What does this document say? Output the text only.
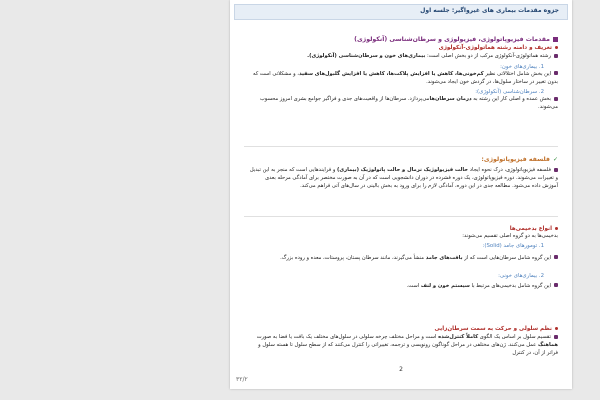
جزوه مقدمات بیماری های غیرواگیر: جلسه اول
مقدمات فیزیوپاتولوژی، فیزیولوژی و سرطان‌شناسی (آنکولوژی)
تعریف و دامنه رشته هماتولوژی-آنکولوژی
رشته هماتولوژی-آنکولوژی مرکب از دو بخش اصلی است: بیماری‌های خون و سرطان‌شناسی (آنکولوژی).
1. بیماری‌های خون:
این بخش شامل اختلالاتی نظیر کم‌خونی‌ها، کاهش یا افزایش پلاکت‌ها، کاهش یا افزایش گلبول‌های سفید، و مشکلاتی است که بدون تغییر در ساختار سلول‌ها، در گردش خون ایجاد می‌شوند.
2. سرطان‌شناسی (آنکولوژی):
بخش عمده و اصلی کار این رشته به درمان سرطان‌هامی‌پردازد. سرطان‌ها از واقعیت‌های جدی و فراگیر جوامع بشری امروز محسوب می‌شوند.
✓فلسفه فیزیوپاتولوژی:
فلسفه فیزیوپاتولوژی، درک نحوه ایجاد حالت فیزیولوژیک نرمال و حالت پاتولوژیک (بیماری) و فرایندهایی است که منجر به این تبدیل و تغییرات می‌شوند. دوره فیزیوپاتولوژی، یک دوره فشرده در دوران دانشجویی است که در آن به صورت مختصر برای آمادگی مرحله بعدی آموزش داده می‌شود. مطالعه جدی در این دوره، آمادگی لازم را برای ورود به بخش بالینی در سال‌های آتی فراهم می‌کند.
انواع بدخیمی‌ها
بدخیمی‌ها به دو گروه اصلی تقسیم می‌شوند:
1. تومورهای جامد (Solid):
این گروه شامل سرطان‌هایی است که از بافت‌های جامد منشأ می‌گیرند، مانند سرطان پستان، پروستات، معده و روده بزرگ.
2. بیماری‌های خونی:
این گروه شامل بدخیمی‌های مرتبط با سیستم خون و لنف است.
نظم سلولی و حرکت به سمت سرطان‌زایی
تقسیم سلول بر اساس یک الگوی کاملاً کنترل‌شده است و مراحل مختلف چرخه سلولی در سلول‌های مختلف یک بافت یا فضا به صورت هماهنگ عمل می‌کنند. ژن‌های مختلفی در مراحل گوناگون رونویسی و ترجمه، تغییراتی را کنترل می‌کنند که از سطح سلول تا هسته سلول و فراتر از آن، در کنترل
2
۳۲/۲
